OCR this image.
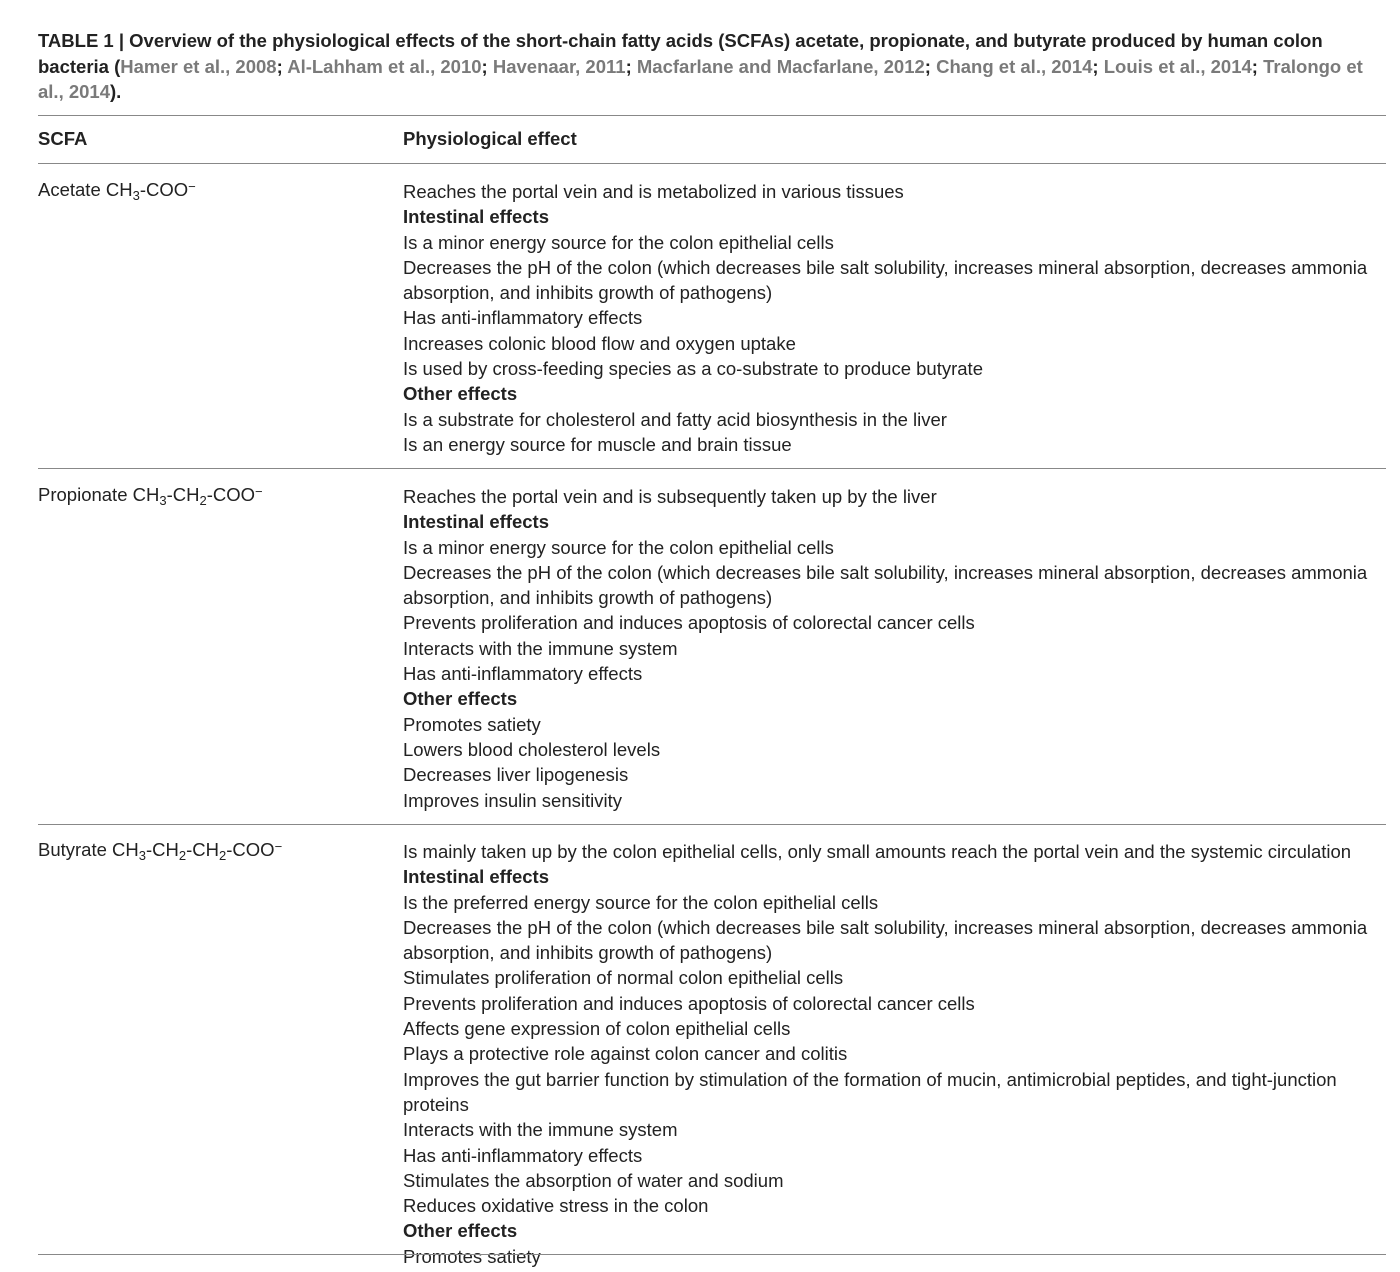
TABLE 1 | Overview of the physiological effects of the short-chain fatty acids (SCFAs) acetate, propionate, and butyrate produced by human colon bacteria (Hamer et al., 2008; Al-Lahham et al., 2010; Havenaar, 2011; Macfarlane and Macfarlane, 2012; Chang et al., 2014; Louis et al., 2014; Tralongo et al., 2014).
SCFA	Physiological effect
Acetate $CH_3-COO^-$	Reaches the portal vein and is metabolized in various tissues
Intestinal effects
Is a minor energy source for the colon epithelial cells
Decreases the pH of the colon (which decreases bile salt solubility, increases mineral absorption, decreases ammonia absorption, and inhibits growth of pathogens)
Has anti-inflammatory effects
Increases colonic blood flow and oxygen uptake
Is used by cross-feeding species as a co-substrate to produce butyrate
Other effects
Is a substrate for cholesterol and fatty acid biosynthesis in the liver
Is an energy source for muscle and brain tissue
Propionate $CH_3-CH_2-COO^-$	Reaches the portal vein and is subsequently taken up by the liver
Intestinal effects
Is a minor energy source for the colon epithelial cells
Decreases the pH of the colon (which decreases bile salt solubility, increases mineral absorption, decreases ammonia absorption, and inhibits growth of pathogens)
Prevents proliferation and induces apoptosis of colorectal cancer cells
Interacts with the immune system
Has anti-inflammatory effects
Other effects
Promotes satiety
Lowers blood cholesterol levels
Decreases liver lipogenesis
Improves insulin sensitivity
Butyrate $CH_3-CH_2-CH_2-COO^-$	Is mainly taken up by the colon epithelial cells, only small amounts reach the portal vein and the systemic circulation
Intestinal effects
Is the preferred energy source for the colon epithelial cells
Decreases the pH of the colon (which decreases bile salt solubility, increases mineral absorption, decreases ammonia absorption, and inhibits growth of pathogens)
Stimulates proliferation of normal colon epithelial cells
Prevents proliferation and induces apoptosis of colorectal cancer cells
Affects gene expression of colon epithelial cells
Plays a protective role against colon cancer and colitis
Improves the gut barrier function by stimulation of the formation of mucin, antimicrobial peptides, and tight-junction proteins
Interacts with the immune system
Has anti-inflammatory effects
Stimulates the absorption of water and sodium
Reduces oxidative stress in the colon
Other effects
Promotes satiety
